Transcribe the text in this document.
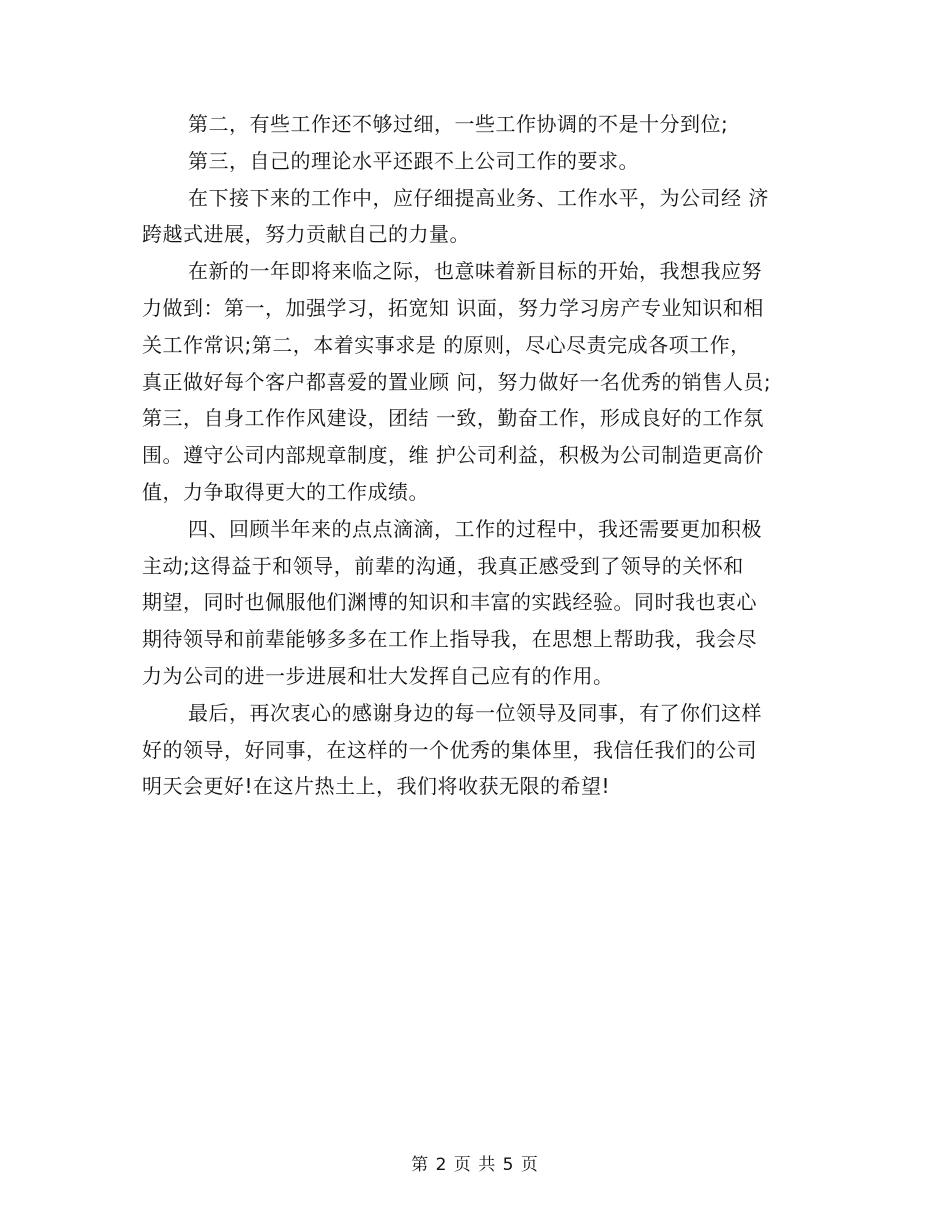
第二，有些工作还不够过细，一些工作协调的不是十分到位;
第三，自己的理论水平还跟不上公司工作的要求。
在下接下来的工作中，应仔细提高业务、工作水平，为公司经 济
跨越式进展，努力贡献自己的力量。
在新的一年即将来临之际，也意味着新目标的开始，我想我应努
力做到：第一，加强学习，拓宽知 识面，努力学习房产专业知识和相
关工作常识;第二，本着实事求是 的原则，尽心尽责完成各项工作，
真正做好每个客户都喜爱的置业顾 问，努力做好一名优秀的销售人员;
第三，自身工作作风建设，团结 一致，勤奋工作，形成良好的工作氛
围。遵守公司内部规章制度，维 护公司利益，积极为公司制造更高价
值，力争取得更大的工作成绩。
四、回顾半年来的点点滴滴，工作的过程中，我还需要更加积极
主动;这得益于和领导，前辈的沟通，我真正感受到了领导的关怀和
期望，同时也佩服他们渊博的知识和丰富的实践经验。同时我也衷心
期待领导和前辈能够多多在工作上指导我，在思想上帮助我，我会尽
力为公司的进一步进展和壮大发挥自己应有的作用。
最后，再次衷心的感谢身边的每一位领导及同事，有了你们这样
好的领导，好同事，在这样的一个优秀的集体里，我信任我们的公司
明天会更好!在这片热土上，我们将收获无限的希望!
第 2 页 共 5 页
